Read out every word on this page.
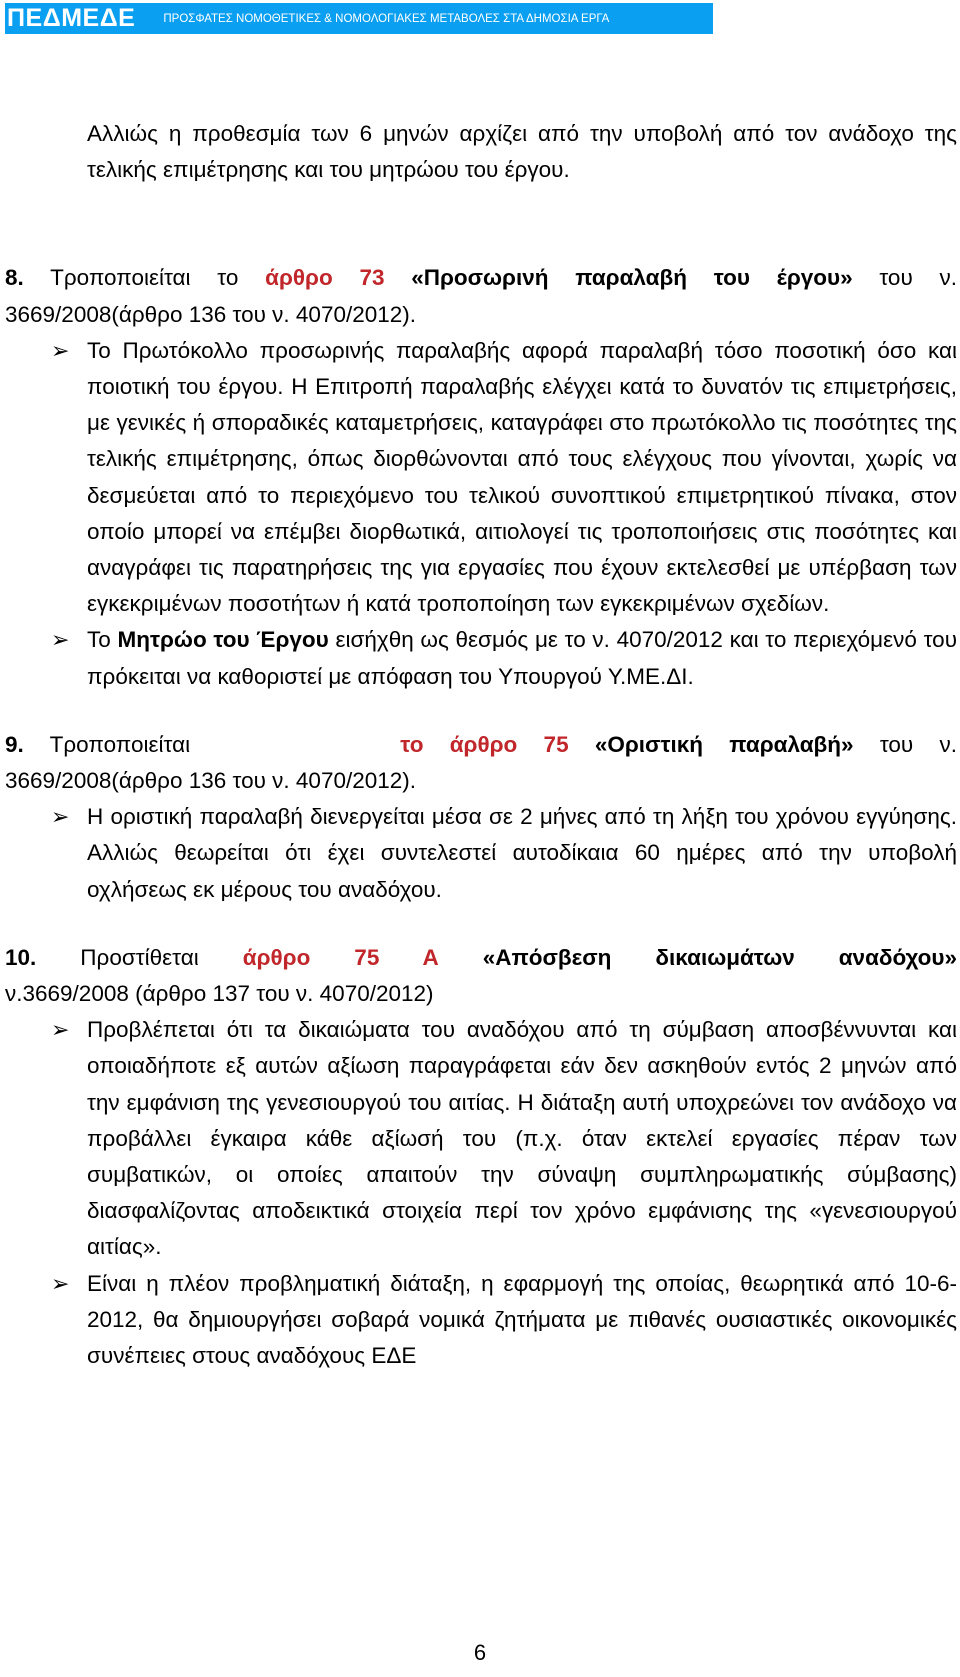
ΠΕΔΜΕΔΕ ΠΡΟΣΦΑΤΕΣ ΝΟΜΟΘΕΤΙΚΕΣ & ΝΟΜΟΛΟΓΙΑΚΕΣ ΜΕΤΑΒΟΛΕΣ ΣΤΑ ΔΗΜΟΣΙΑ ΕΡΓΑ

Αλλιώς η προθεσμία των 6 μηνών αρχίζει από την υποβολή από τον ανάδοχο της τελικής επιμέτρησης και του μητρώου του έργου.

8. Τροποποιείται το άρθρο 73 «Προσωρινή παραλαβή του έργου» του ν.

3669/2008(άρθρο 136 του ν. 4070/2012).

➢ Το Πρωτόκολλο προσωρινής παραλαβής αφορά παραλαβή τόσο ποσοτική όσο και ποιοτική του έργου. Η Επιτροπή παραλαβής ελέγχει κατά το δυνατόν τις επιμετρήσεις, με γενικές ή σποραδικές καταμετρήσεις, καταγράφει στο πρωτόκολλο τις ποσότητες της τελικής επιμέτρησης, όπως διορθώνονται από τους ελέγχους που γίνονται, χωρίς να δεσμεύεται από το περιεχόμενο του τελικού συνοπτικού επιμετρητικού πίνακα, στον οποίο μπορεί να επέμβει διορθωτικά, αιτιολογεί τις τροποποιήσεις στις ποσότητες και αναγράφει τις παρατηρήσεις της για εργασίες που έχουν εκτελεσθεί με υπέρβαση των εγκεκριμένων ποσοτήτων ή κατά τροποποίηση των εγκεκριμένων σχεδίων.
➢ Το Μητρώο του Έργου εισήχθη ως θεσμός με το ν. 4070/2012 και το περιεχόμενό του πρόκειται να καθοριστεί με απόφαση του Υπουργού Υ.ΜΕ.ΔΙ.

9. Τροποποιείται	το άρθρο 75 «Οριστική παραλαβή» του ν.

3669/2008(άρθρο 136 του ν. 4070/2012).

➢ Η οριστική παραλαβή διενεργείται μέσα σε 2 μήνες από τη λήξη του χρόνου εγγύησης. Αλλιώς θεωρείται ότι έχει συντελεστεί αυτοδίκαια 60 ημέρες από την υποβολή οχλήσεως εκ μέρους του αναδόχου.

10. Προστίθεται άρθρο 75 Α «Απόσβεση δικαιωμάτων αναδόχου»

ν.3669/2008 (άρθρο 137 του ν. 4070/2012)

➢ Προβλέπεται ότι τα δικαιώματα του αναδόχου από τη σύμβαση αποσβέννυνται και οποιαδήποτε εξ αυτών αξίωση παραγράφεται εάν δεν ασκηθούν εντός 2 μηνών από την εμφάνιση της γενεσιουργού του αιτίας. Η διάταξη αυτή υποχρεώνει τον ανάδοχο να προβάλλει έγκαιρα κάθε αξίωσή του (π.χ. όταν εκτελεί εργασίες πέραν των συμβατικών, οι οποίες απαιτούν την σύναψη συμπληρωματικής σύμβασης) διασφαλίζοντας αποδεικτικά στοιχεία περί τον χρόνο εμφάνισης της «γενεσιουργού αιτίας».
➢ Είναι η πλέον προβληματική διάταξη, η εφαρμογή της οποίας, θεωρητικά από 10-6-2012, θα δημιουργήσει σοβαρά νομικά ζητήματα με πιθανές ουσιαστικές οικονομικές συνέπειες στους αναδόχους ΕΔΕ
6
